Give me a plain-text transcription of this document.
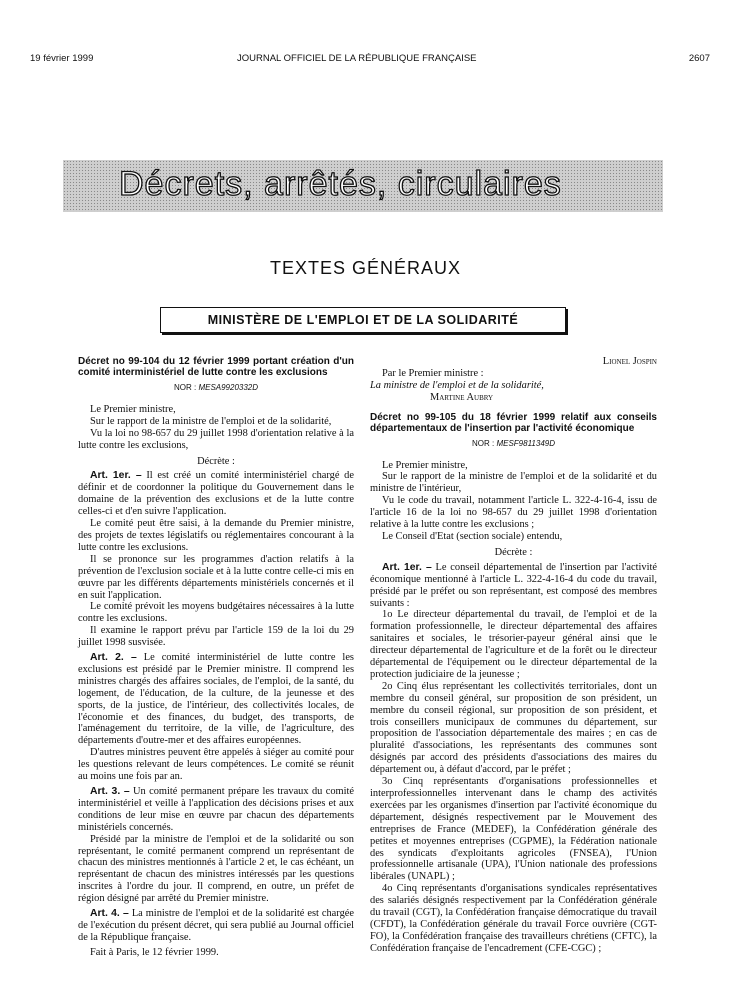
19 février 1999	JOURNAL OFFICIEL DE LA RÉPUBLIQUE FRANÇAISE	2607
Décrets, arrêtés, circulaires
TEXTES GÉNÉRAUX
MINISTÈRE DE L'EMPLOI ET DE LA SOLIDARITÉ
Décret no 99-104 du 12 février 1999 portant création d'un comité interministériel de lutte contre les exclusions
NOR : MESA9920332D

Le Premier ministre,

Sur le rapport de la ministre de l'emploi et de la solidarité,

Vu la loi no 98-657 du 29 juillet 1998 d'orientation relative à la lutte contre les exclusions,

Décrète :

Art. 1er. – Il est créé un comité interministériel chargé de définir et de coordonner la politique du Gouvernement dans le domaine de la prévention des exclusions et de la lutte contre celles-ci et d'en suivre l'application.

Le comité peut être saisi, à la demande du Premier ministre, des projets de textes législatifs ou réglementaires concourant à la lutte contre les exclusions.

Il se prononce sur les programmes d'action relatifs à la prévention de l'exclusion sociale et à la lutte contre celle-ci mis en œuvre par les différents départements ministériels concernés et il en suit l'application.

Le comité prévoit les moyens budgétaires nécessaires à la lutte contre les exclusions.

Il examine le rapport prévu par l'article 159 de la loi du 29 juillet 1998 susvisée.

Art. 2. – Le comité interministériel de lutte contre les exclusions est présidé par le Premier ministre. Il comprend les ministres chargés des affaires sociales, de l'emploi, de la santé, du logement, de l'éducation, de la culture, de la jeunesse et des sports, de la justice, de l'intérieur, des collectivités locales, de l'économie et des finances, du budget, des transports, de l'aménagement du territoire, de la ville, de l'agriculture, des départements d'outre-mer et des affaires européennes.

D'autres ministres peuvent être appelés à siéger au comité pour les questions relevant de leurs compétences. Le comité se réunit au moins une fois par an.

Art. 3. – Un comité permanent prépare les travaux du comité interministériel et veille à l'application des décisions prises et aux conditions de leur mise en œuvre par chacun des départements ministériels concernés.

Présidé par la ministre de l'emploi et de la solidarité ou son représentant, le comité permanent comprend un représentant de chacun des ministres mentionnés à l'article 2 et, le cas échéant, un représentant de chacun des ministres intéressés par les questions inscrites à l'ordre du jour. Il comprend, en outre, un préfet de région désigné par arrêté du Premier ministre.

Art. 4. – La ministre de l'emploi et de la solidarité est chargée de l'exécution du présent décret, qui sera publié au Journal officiel de la République française.

Fait à Paris, le 12 février 1999.

Lionel Jospin

Par le Premier ministre :

La ministre de l'emploi et de la solidarité,

Martine Aubry

Décret no 99-105 du 18 février 1999 relatif aux conseils départementaux de l'insertion par l'activité économique
NOR : MESF9811349D

Le Premier ministre,

Sur le rapport de la ministre de l'emploi et de la solidarité et du ministre de l'intérieur,

Vu le code du travail, notamment l'article L. 322-4-16-4, issu de l'article 16 de la loi no 98-657 du 29 juillet 1998 d'orientation relative à la lutte contre les exclusions ;

Le Conseil d'Etat (section sociale) entendu,

Décrète :

Art. 1er. – Le conseil départemental de l'insertion par l'activité économique mentionné à l'article L. 322-4-16-4 du code du travail, présidé par le préfet ou son représentant, est composé des membres suivants :

1o Le directeur départemental du travail, de l'emploi et de la formation professionnelle, le directeur départemental des affaires sanitaires et sociales, le trésorier-payeur général ainsi que le directeur départemental de l'agriculture et de la forêt ou le directeur départemental de l'équipement ou le directeur départemental de la protection judiciaire de la jeunesse ;

2o Cinq élus représentant les collectivités territoriales, dont un membre du conseil général, sur proposition de son président, un membre du conseil régional, sur proposition de son président, et trois conseillers municipaux de communes du département, sur proposition de l'association départementale des maires ; en cas de pluralité d'associations, les représentants des communes sont désignés par accord des présidents d'associations des maires du département ou, à défaut d'accord, par le préfet ;

3o Cinq représentants d'organisations professionnelles et interprofessionnelles intervenant dans le champ des activités exercées par les organismes d'insertion par l'activité économique du département, désignés respectivement par le Mouvement des entreprises de France (MEDEF), la Confédération générale des petites et moyennes entreprises (CGPME), la Fédération nationale des syndicats d'exploitants agricoles (FNSEA), l'Union professionnelle artisanale (UPA), l'Union nationale des professions libérales (UNAPL) ;

4o Cinq représentants d'organisations syndicales représentatives des salariés désignés respectivement par la Confédération générale du travail (CGT), la Confédération française démocratique du travail (CFDT), la Confédération générale du travail Force ouvrière (CGT-FO), la Confédération française des travailleurs chrétiens (CFTC), la Confédération française de l'encadrement (CFE-CGC) ;
